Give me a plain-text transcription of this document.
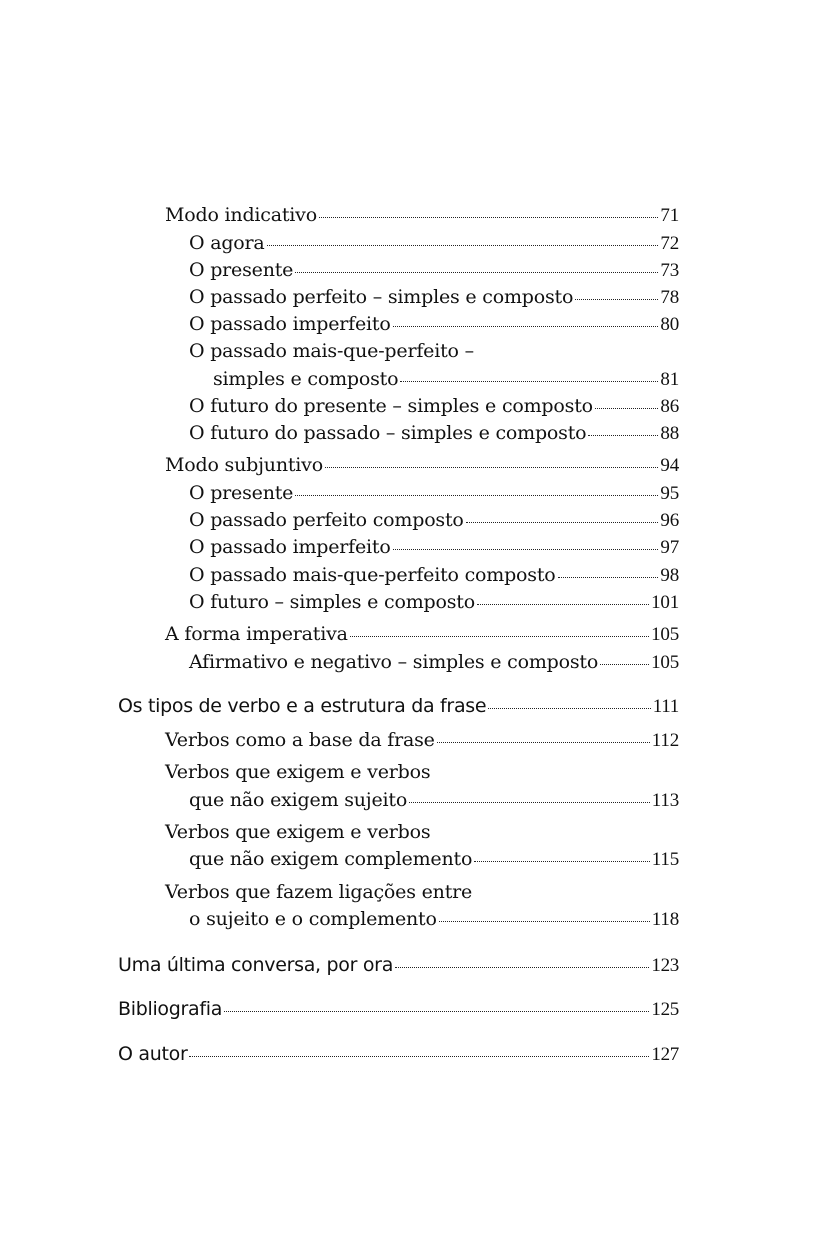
Modo indicativo	71
O agora	72
O presente	73
O passado perfeito – simples e composto	78
O passado imperfeito	80
O passado mais-que-perfeito –
simples e composto	81
O futuro do presente – simples e composto	86
O futuro do passado – simples e composto	88
Modo subjuntivo	94
O presente	95
O passado perfeito composto	96
O passado imperfeito	97
O passado mais-que-perfeito composto	98
O futuro – simples e composto	101
A forma imperativa	105
Afirmativo e negativo – simples e composto	105
Os tipos de verbo e a estrutura da frase	111
Verbos como a base da frase	112
Verbos que exigem e verbos
que não exigem sujeito	113
Verbos que exigem e verbos
que não exigem complemento	115
Verbos que fazem ligações entre
o sujeito e o complemento	118
Uma última conversa, por ora	123
Bibliografia	125
O autor	127
